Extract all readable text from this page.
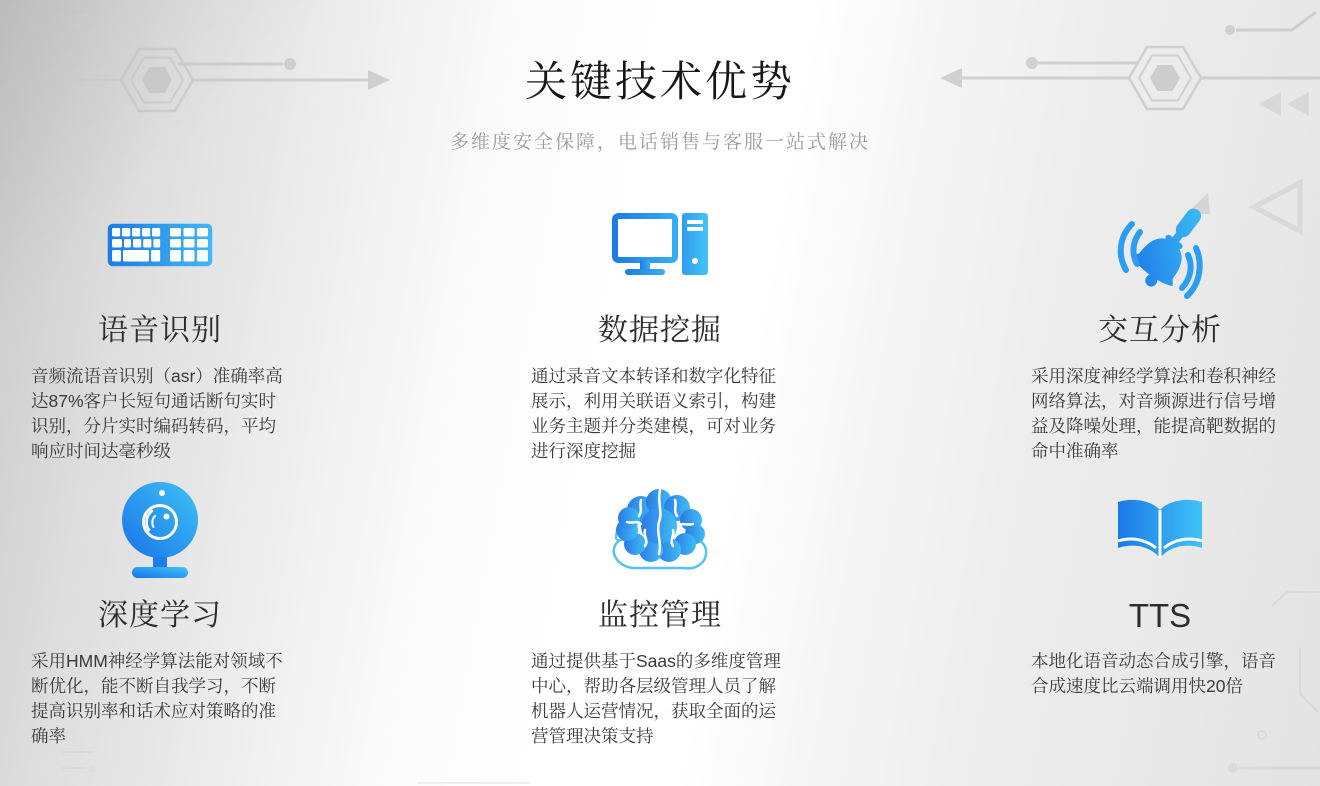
关键技术优势

多维度安全保障，电话销售与客服一站式解决

语音识别

音频流语音识别（asr）准确率高达87%客户长短句通话断句实时识别，分片实时编码转码，平均响应时间达毫秒级

数据挖掘

通过录音文本转译和数字化特征展示，利用关联语义索引，构建业务主题并分类建模，可对业务进行深度挖掘

交互分析

采用深度神经学算法和卷积神经网络算法，对音频源进行信号增益及降噪处理，能提高靶数据的命中准确率

深度学习

采用HMM神经学算法能对领域不断优化，能不断自我学习，不断提高识别率和话术应对策略的准确率

监控管理

通过提供基于Saas的多维度管理中心，帮助各层级管理人员了解机器人运营情况，获取全面的运营管理决策支持

TTS

本地化语音动态合成引擎，语音合成速度比云端调用快20倍
